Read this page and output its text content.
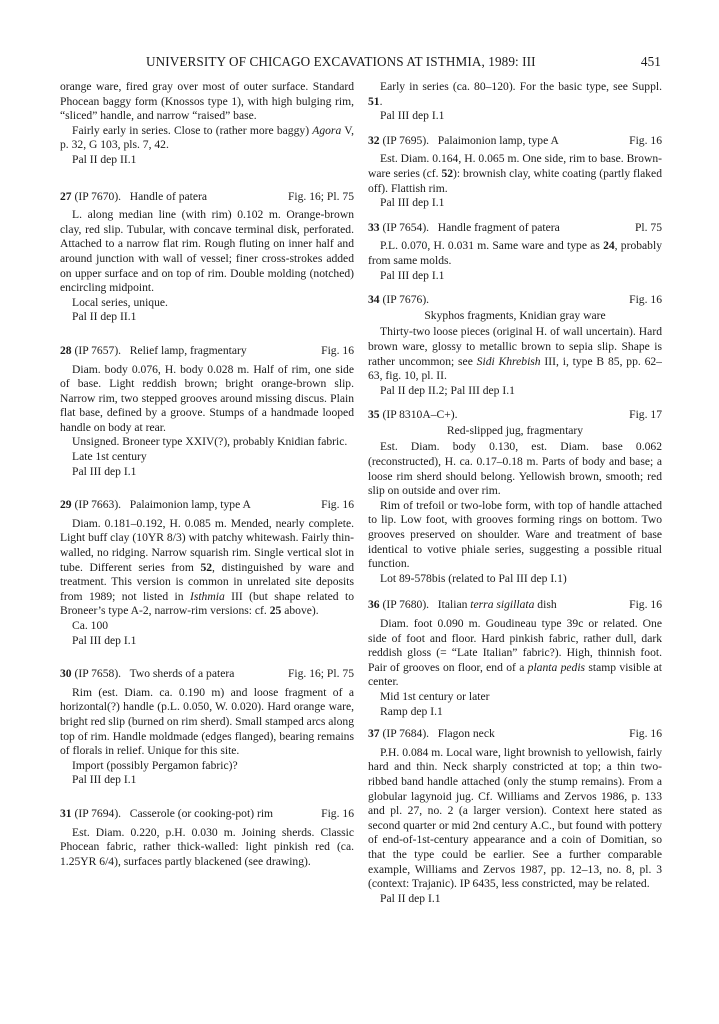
UNIVERSITY OF CHICAGO EXCAVATIONS AT ISTHMIA, 1989: III	451

orange ware, fired gray over most of outer surface. Standard Phocean baggy form (Knossos type 1), with high bulging rim, “sliced” handle, and narrow “raised” base.

Fairly early in series. Close to (rather more baggy) Agora V, p. 32, G 103, pls. 7, 42.

Pal II dep II.1

27 (IP 7670).   Handle of patera	Fig. 16; Pl. 75

L. along median line (with rim) 0.102 m. Orange-brown clay, red slip. Tubular, with concave terminal disk, perforated. Attached to a narrow flat rim. Rough fluting on inner half and around junction with wall of vessel; finer cross-strokes added on upper surface and on top of rim. Double molding (notched) encircling midpoint.

Local series, unique.

Pal II dep II.1

28 (IP 7657).   Relief lamp, fragmentary	Fig. 16

Diam. body 0.076, H. body 0.028 m. Half of rim, one side of base. Light reddish brown; bright orange-brown slip. Narrow rim, two stepped grooves around missing discus. Plain flat base, defined by a groove. Stumps of a handmade looped handle on body at rear.

Unsigned. Broneer type XXIV(?), probably Knidian fabric.

Late 1st century

Pal III dep I.1

29 (IP 7663).   Palaimonion lamp, type A	Fig. 16

Diam. 0.181–0.192, H. 0.085 m. Mended, nearly complete. Light buff clay (10YR 8/3) with patchy whitewash. Fairly thin-walled, no ridging. Narrow squarish rim. Single vertical slot in tube. Different series from 52, distinguished by ware and treatment. This version is common in unrelated site deposits from 1989; not listed in Isthmia III (but shape related to Broneer’s type A-2, narrow-rim versions: cf. 25 above).

Ca. 100

Pal III dep I.1

30 (IP 7658).   Two sherds of a patera	Fig. 16; Pl. 75

Rim (est. Diam. ca. 0.190 m) and loose fragment of a horizontal(?) handle (p.L. 0.050, W. 0.020). Hard orange ware, bright red slip (burned on rim sherd). Small stamped arcs along top of rim. Handle moldmade (edges flanged), bearing remains of florals in relief. Unique for this site.

Import (possibly Pergamon fabric)?

Pal III dep I.1

31 (IP 7694).   Casserole (or cooking-pot) rim	Fig. 16

Est. Diam. 0.220, p.H. 0.030 m. Joining sherds. Classic Phocean fabric, rather thick-walled: light pinkish red (ca. 1.25YR 6/4), surfaces partly blackened (see drawing).

Early in series (ca. 80–120). For the basic type, see Suppl. 51.

Pal III dep I.1

32 (IP 7695).   Palaimonion lamp, type A	Fig. 16

Est. Diam. 0.164, H. 0.065 m. One side, rim to base. Brown-ware series (cf. 52): brownish clay, white coating (partly flaked off). Flattish rim.

Pal III dep I.1

33 (IP 7654).   Handle fragment of patera	Pl. 75

P.L. 0.070, H. 0.031 m. Same ware and type as 24, probably from same molds.

Pal III dep I.1

34 (IP 7676).	Fig. 16

Skyphos fragments, Knidian gray ware

Thirty-two loose pieces (original H. of wall uncertain). Hard brown ware, glossy to metallic brown to sepia slip. Shape is rather uncommon; see Sidi Khrebish III, i, type B 85, pp. 62–63, fig. 10, pl. II.

Pal II dep II.2; Pal III dep I.1

35 (IP 8310A–C+).	Fig. 17

Red-slipped jug, fragmentary

Est. Diam. body 0.130, est. Diam. base 0.062 (reconstructed), H. ca. 0.17–0.18 m. Parts of body and base; a loose rim sherd should belong. Yellowish brown, smooth; red slip on outside and over rim.

Rim of trefoil or two-lobe form, with top of handle attached to lip. Low foot, with grooves forming rings on bottom. Two grooves preserved on shoulder. Ware and treatment of base identical to votive phiale series, suggesting a possible ritual function.

Lot 89-578bis (related to Pal III dep I.1)

36 (IP 7680).   Italian terra sigillata dish	Fig. 16

Diam. foot 0.090 m. Goudineau type 39c or related. One side of foot and floor. Hard pinkish fabric, rather dull, dark reddish gloss (= “Late Italian” fabric?). High, thinnish foot. Pair of grooves on floor, end of a planta pedis stamp visible at center.

Mid 1st century or later

Ramp dep I.1

37 (IP 7684).   Flagon neck	Fig. 16

P.H. 0.084 m. Local ware, light brownish to yellowish, fairly hard and thin. Neck sharply constricted at top; a thin two-ribbed band handle attached (only the stump remains). From a globular lagynoid jug. Cf. Williams and Zervos 1986, p. 133 and pl. 27, no. 2 (a larger version). Context here stated as second quarter or mid 2nd century A.C., but found with pottery of end-of-1st-century appearance and a coin of Domitian, so that the type could be earlier. See a further comparable example, Williams and Zervos 1987, pp. 12–13, no. 8, pl. 3 (context: Trajanic). IP 6435, less constricted, may be related.

Pal II dep I.1
